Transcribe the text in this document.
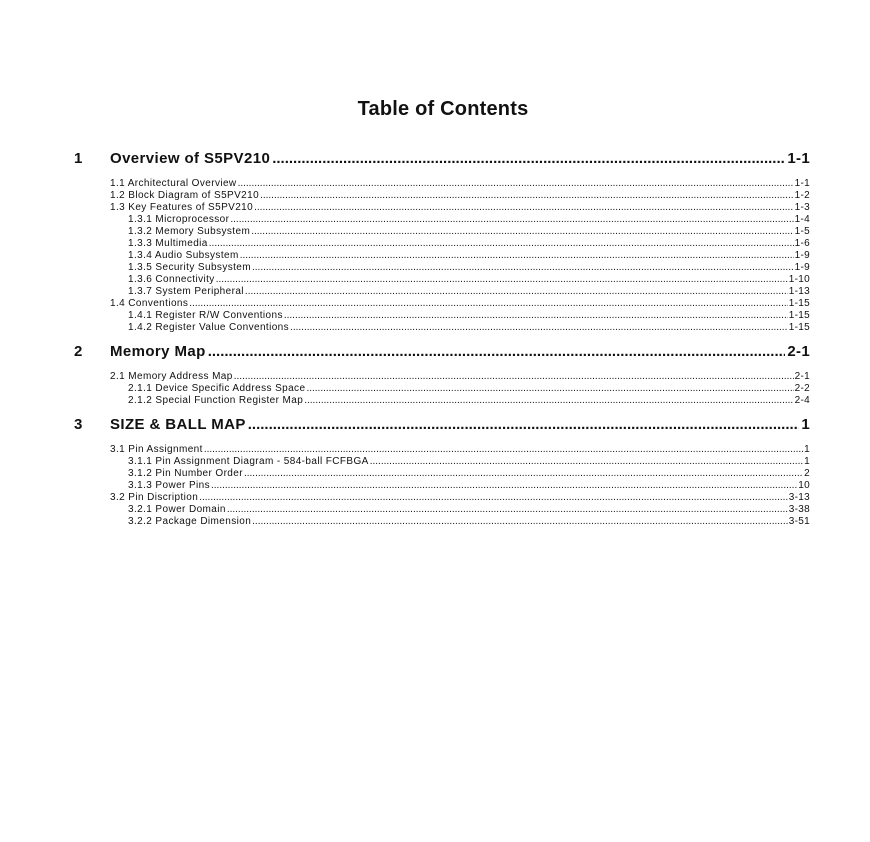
Table of Contents
1	Overview of S5PV210 .....	1-1
1.1 Architectural Overview .....	1-1
1.2 Block Diagram of S5PV210 .....	1-2
1.3 Key Features of S5PV210 .....	1-3
1.3.1 Microprocessor .....	1-4
1.3.2 Memory Subsystem .....	1-5
1.3.3 Multimedia .....	1-6
1.3.4 Audio Subsystem .....	1-9
1.3.5 Security Subsystem .....	1-9
1.3.6 Connectivity .....	1-10
1.3.7 System Peripheral .....	1-13
1.4 Conventions .....	1-15
1.4.1 Register R/W Conventions .....	1-15
1.4.2 Register Value Conventions .....	1-15
2	Memory Map .....	2-1
2.1 Memory Address Map .....	2-1
2.1.1 Device Specific Address Space .....	2-2
2.1.2 Special Function Register Map .....	2-4
3	SIZE & BALL MAP .....	1
3.1 Pin Assignment .....	1
3.1.1 Pin Assignment Diagram - 584-ball FCFBGA .....	1
3.1.2 Pin Number Order .....	2
3.1.3 Power Pins .....	10
3.2 Pin Discription .....	3-13
3.2.1 Power Domain .....	3-38
3.2.2 Package Dimension .....	3-51
